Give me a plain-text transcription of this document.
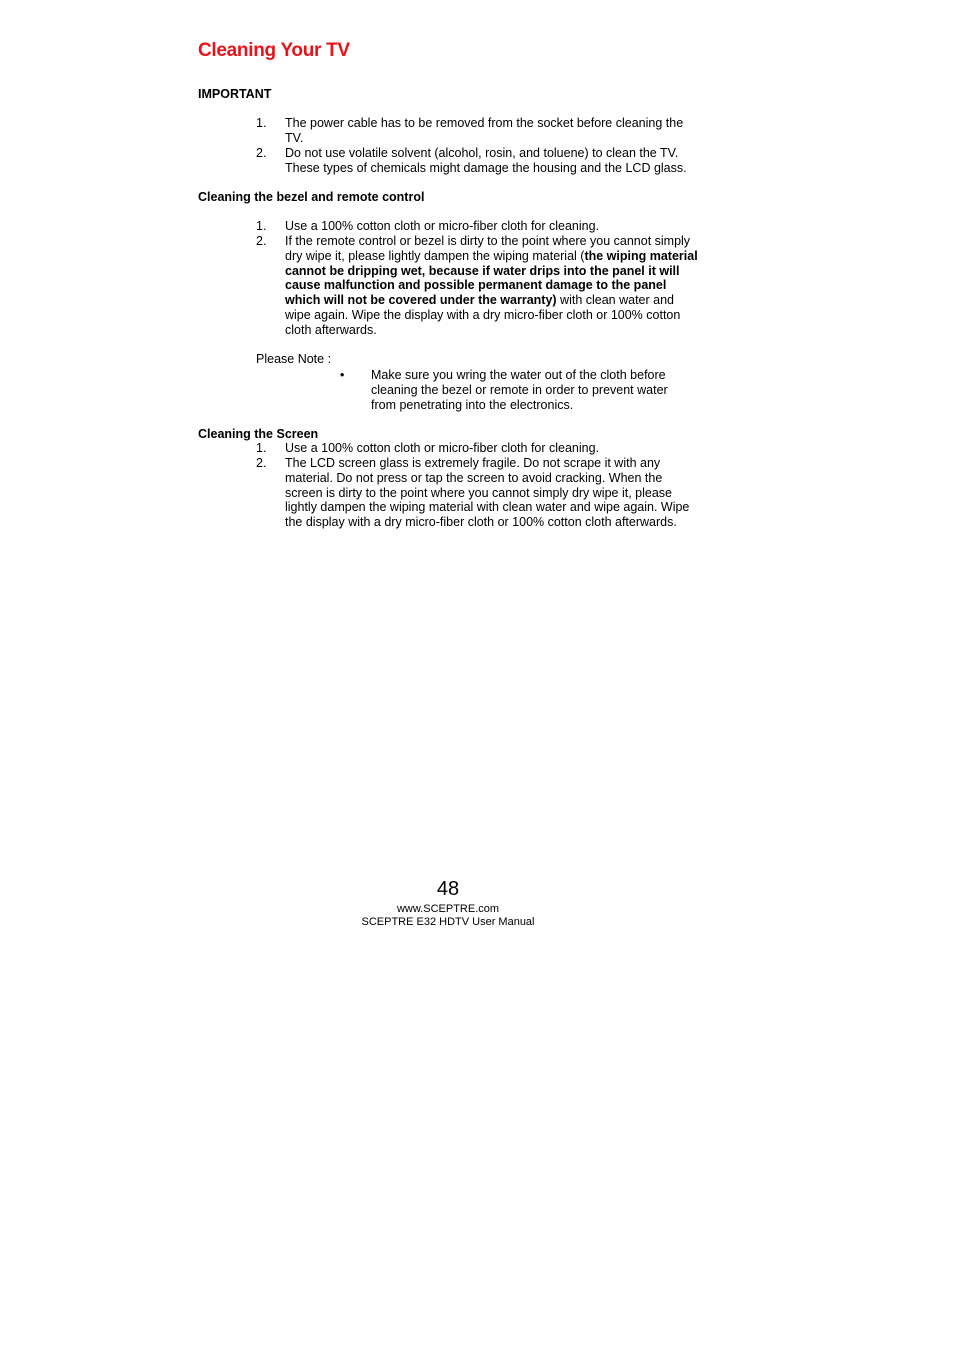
Cleaning Your TV
IMPORTANT
1. The power cable has to be removed from the socket before cleaning the TV.
2. Do not use volatile solvent (alcohol, rosin, and toluene) to clean the TV. These types of chemicals might damage the housing and the LCD glass.
Cleaning the bezel and remote control
1. Use a 100% cotton cloth or micro-fiber cloth for cleaning.
2. If the remote control or bezel is dirty to the point where you cannot simply dry wipe it, please lightly dampen the wiping material (the wiping material cannot be dripping wet, because if water drips into the panel it will cause malfunction and possible permanent damage to the panel which will not be covered under the warranty) with clean water and wipe again. Wipe the display with a dry micro-fiber cloth or 100% cotton cloth afterwards.
Please Note :
• Make sure you wring the water out of the cloth before cleaning the bezel or remote in order to prevent water from penetrating into the electronics.
Cleaning the Screen
1. Use a 100% cotton cloth or micro-fiber cloth for cleaning.
2. The LCD screen glass is extremely fragile. Do not scrape it with any material. Do not press or tap the screen to avoid cracking. When the screen is dirty to the point where you cannot simply dry wipe it, please lightly dampen the wiping material with clean water and wipe again. Wipe the display with a dry micro-fiber cloth or 100% cotton cloth afterwards.
48
www.SCEPTRE.com
SCEPTRE E32 HDTV User Manual
